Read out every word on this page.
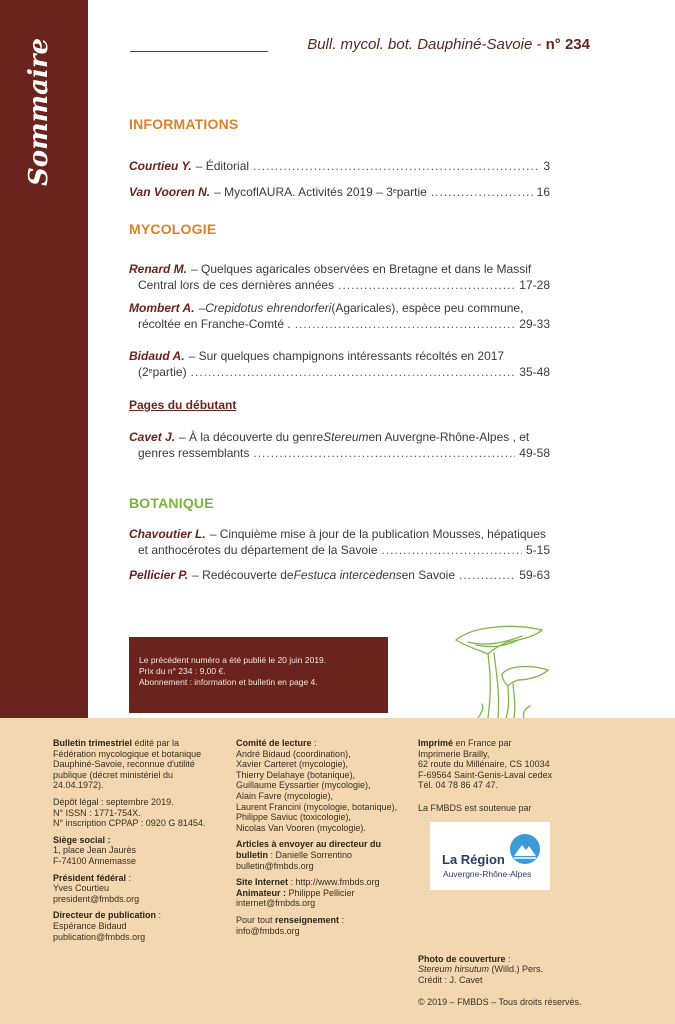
Sommaire	Bull. mycol. bot. Dauphiné-Savoie - n° 234
INFORMATIONS
Courtieu Y. – Éditorial .....	3
Van Vooren N. – MycoflAURA. Activités 2019 – 3 e partie .....	16
MYCOLOGIE
Renard M. – Quelques agaricales observées en Bretagne et dans le Massif
Central lors de ces dernières années .....	17-28
Mombert A. – Crepidotus ehrendorferi (Agaricales), espèce peu commune,
récoltée en Franche-Comté . .....	29-33
Bidaud A. – Sur quelques champignons intéressants récoltés en 2017
(2 e partie) .....	35-48
Pages du débutant
Cavet J. – À la découverte du genre Stereum en Auvergne-Rhône-Alpes , et
genres ressemblants .....	49-58
BOTANIQUE
Chavoutier L. – Cinquième mise à jour de la publication Mousses, hépatiques
et anthocérotes du département de la Savoie .....	5-15
Pellicier P. – Redécouverte de Festuca intercedens en Savoie .....	59-63
Le précédent numéro a été publié le 20 juin 2019.
Prix du n° 234 : 9,00 €.
Abonnement : information et bulletin en page 4.

Bulletin trimestriel édité par la Fédération mycologique et botanique Dauphiné-Savoie, reconnue d'utilité publique (décret ministériel du 24.04.1972).

Dépôt légal : septembre 2019.
N° ISSN : 1771-754X.
N° inscription CPPAP : 0920 G 81454.

Siège social :
1, place Jean Jaurès
F-74100 Annemasse

Président fédéral :
Yves Courtieu
president@fmbds.org

Directeur de publication :
Espérance Bidaud
publication@fmbds.org

Comité de lecture :
André Bidaud (coordination),
Xavier Carteret (mycologie),
Thierry Delahaye (botanique),
Guillaume Eyssartier (mycologie),
Alain Favre (mycologie),
Laurent Francini (mycologie, botanique),
Philippe Saviuc (toxicologie),
Nicolas Van Vooren (mycologie).

Articles à envoyer au directeur du bulletin : Danielle Sorrentino
bulletin@fmbds.org

Site Internet : http://www.fmbds.org
Animateur : Philippe Pellicier
internet@fmbds.org

Pour tout renseignement :
info@fmbds.org

Imprimé en France par
Imprimerie Brailly,
62 route du Millénaire, CS 10034
F-69564 Saint-Genis-Laval cedex
Tél. 04 78 86 47 47.

La FMBDS est soutenue par

Photo de couverture :
Stereum hirsutum (Willd.) Pers.
Crédit : J. Cavet

© 2019 – FMBDS – Tous droits réservés.

La Région
Auvergne-Rhône-Alpes
